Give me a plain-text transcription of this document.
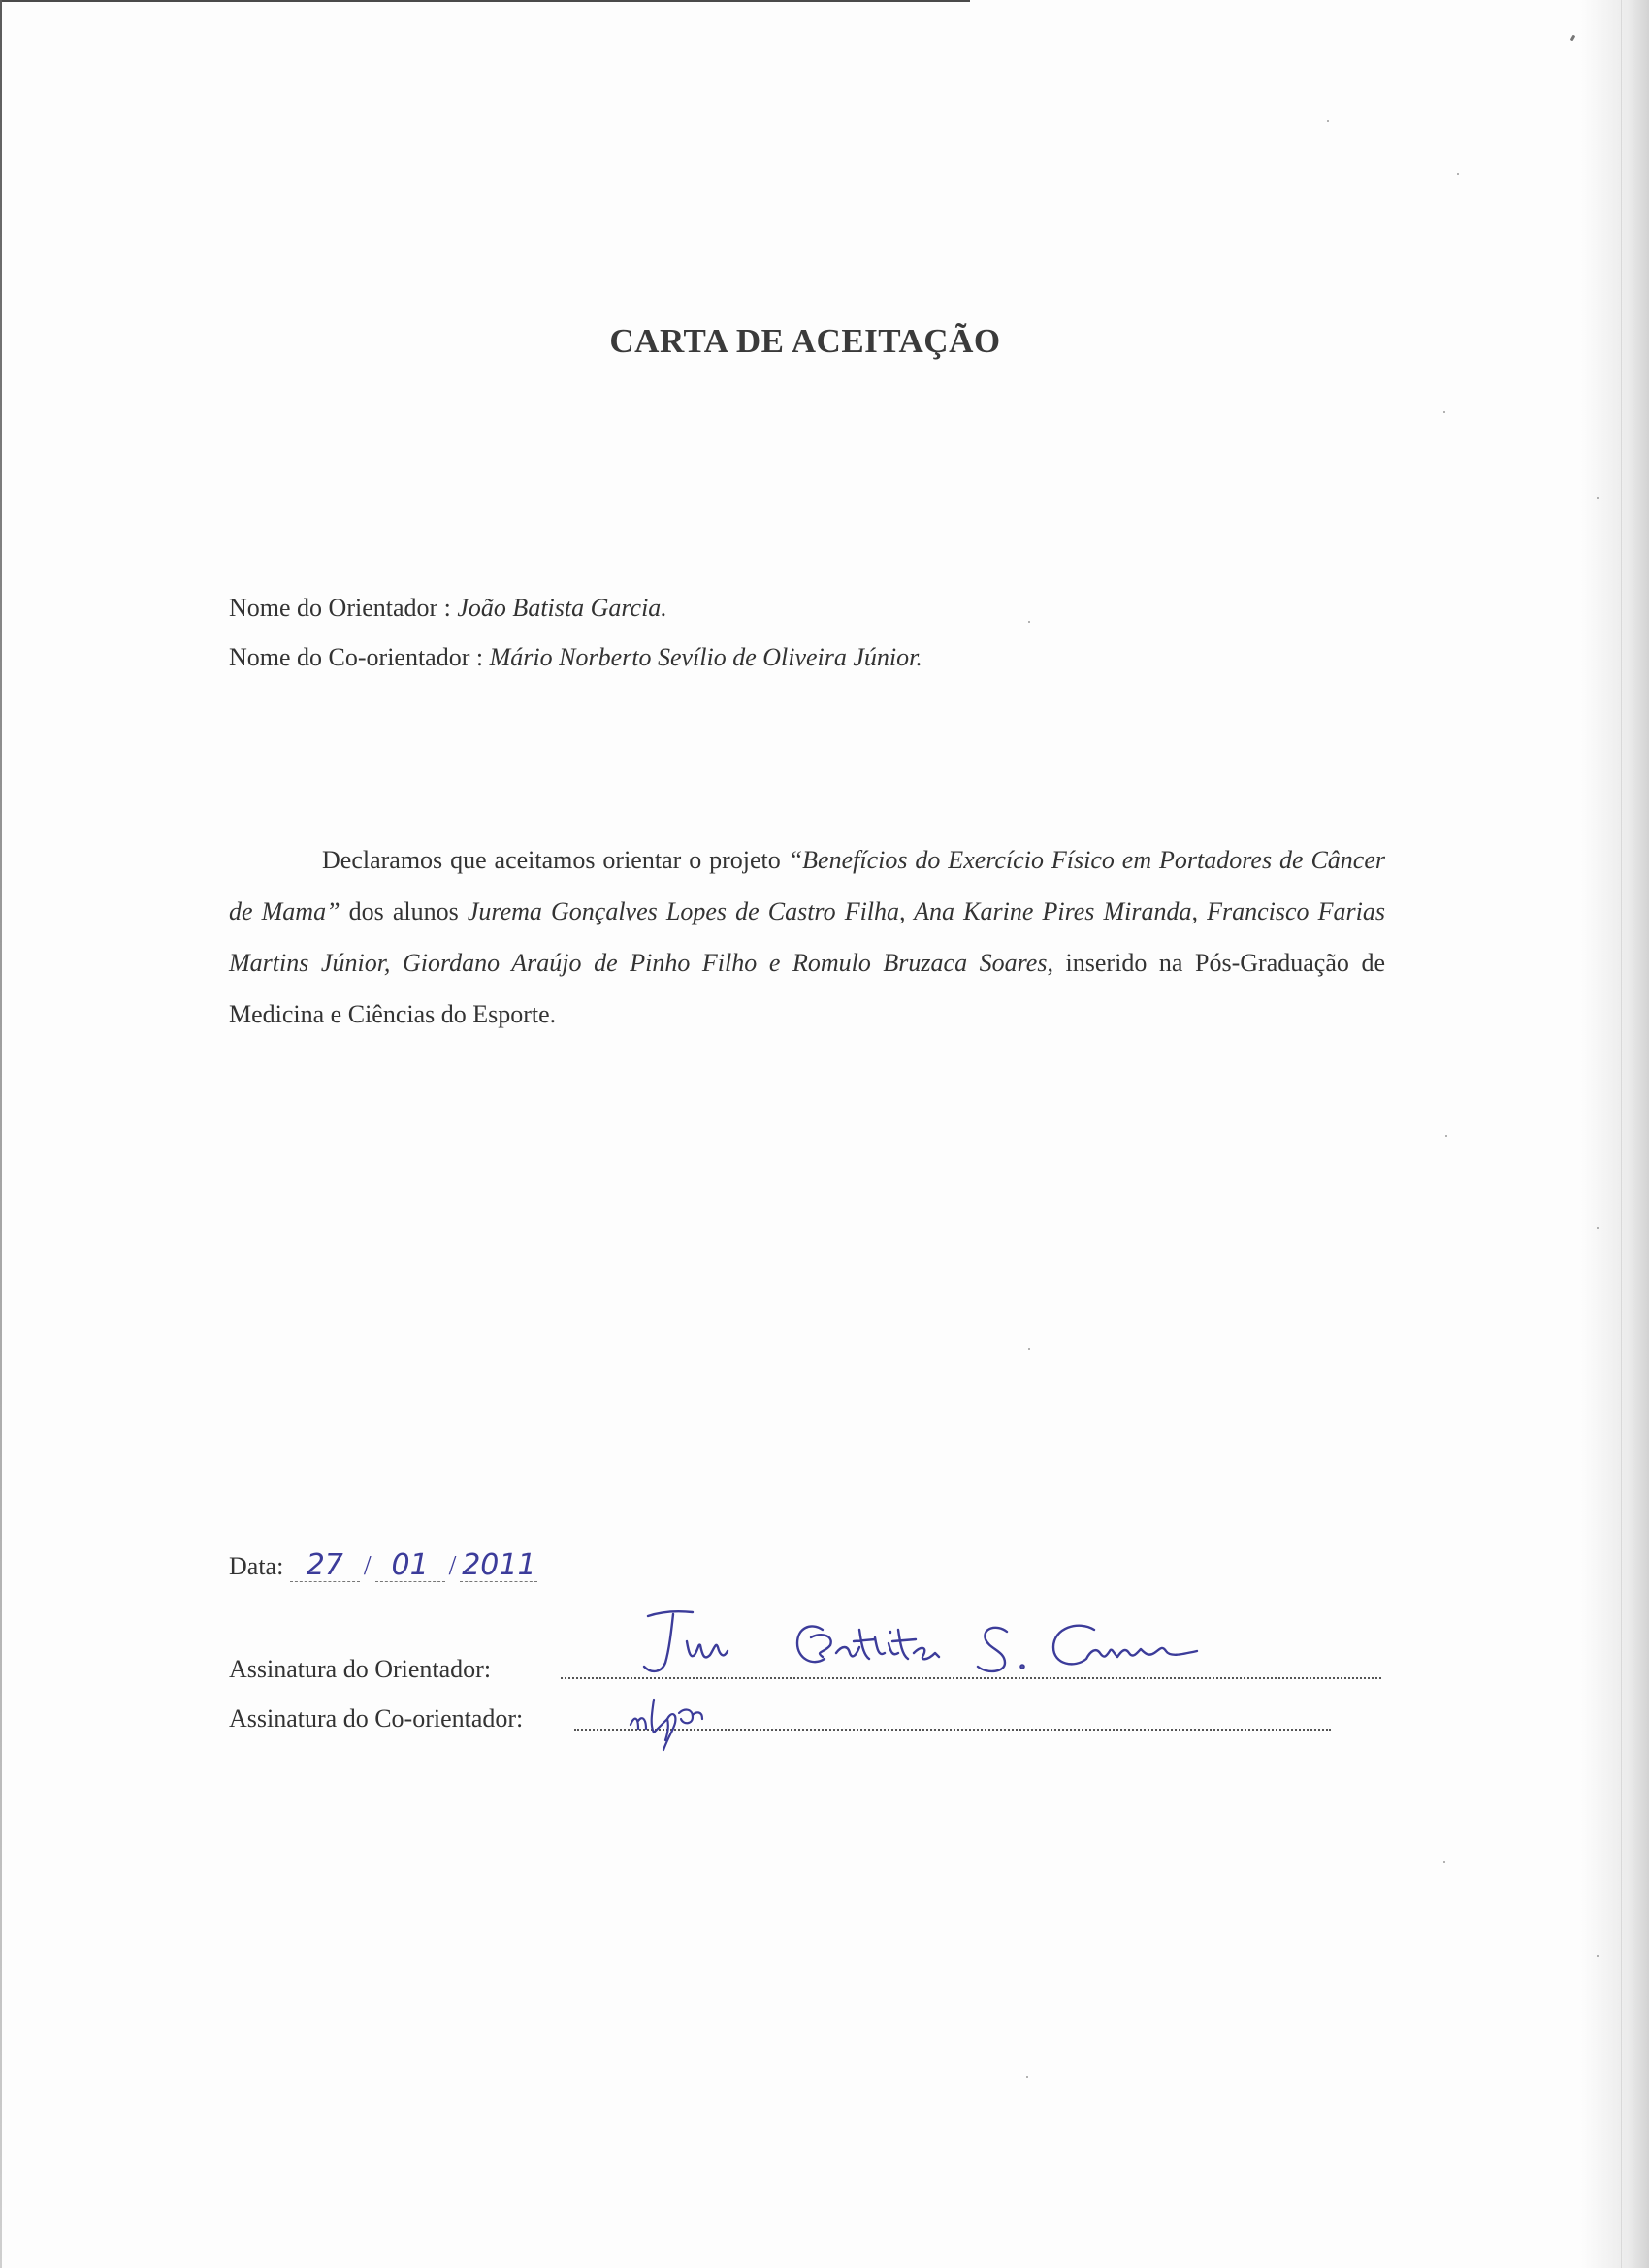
CARTA DE ACEITAÇÃO
Nome do Orientador : João Batista Garcia.
Nome do Co-orientador : Mário Norberto Sevílio de Oliveira Júnior.
Declaramos que aceitamos orientar o projeto “Benefícios do Exercício Físico em Portadores de Câncer de Mama” dos alunos Jurema Gonçalves Lopes de Castro Filha, Ana Karine Pires Miranda, Francisco Farias Martins Júnior, Giordano Araújo de Pinho Filho e Romulo Bruzaca Soares, inserido na Pós-Graduação de Medicina e Ciências do Esporte.
Data: 27 / 01 / 2011
Assinatura do Orientador:
Assinatura do Co-orientador:
